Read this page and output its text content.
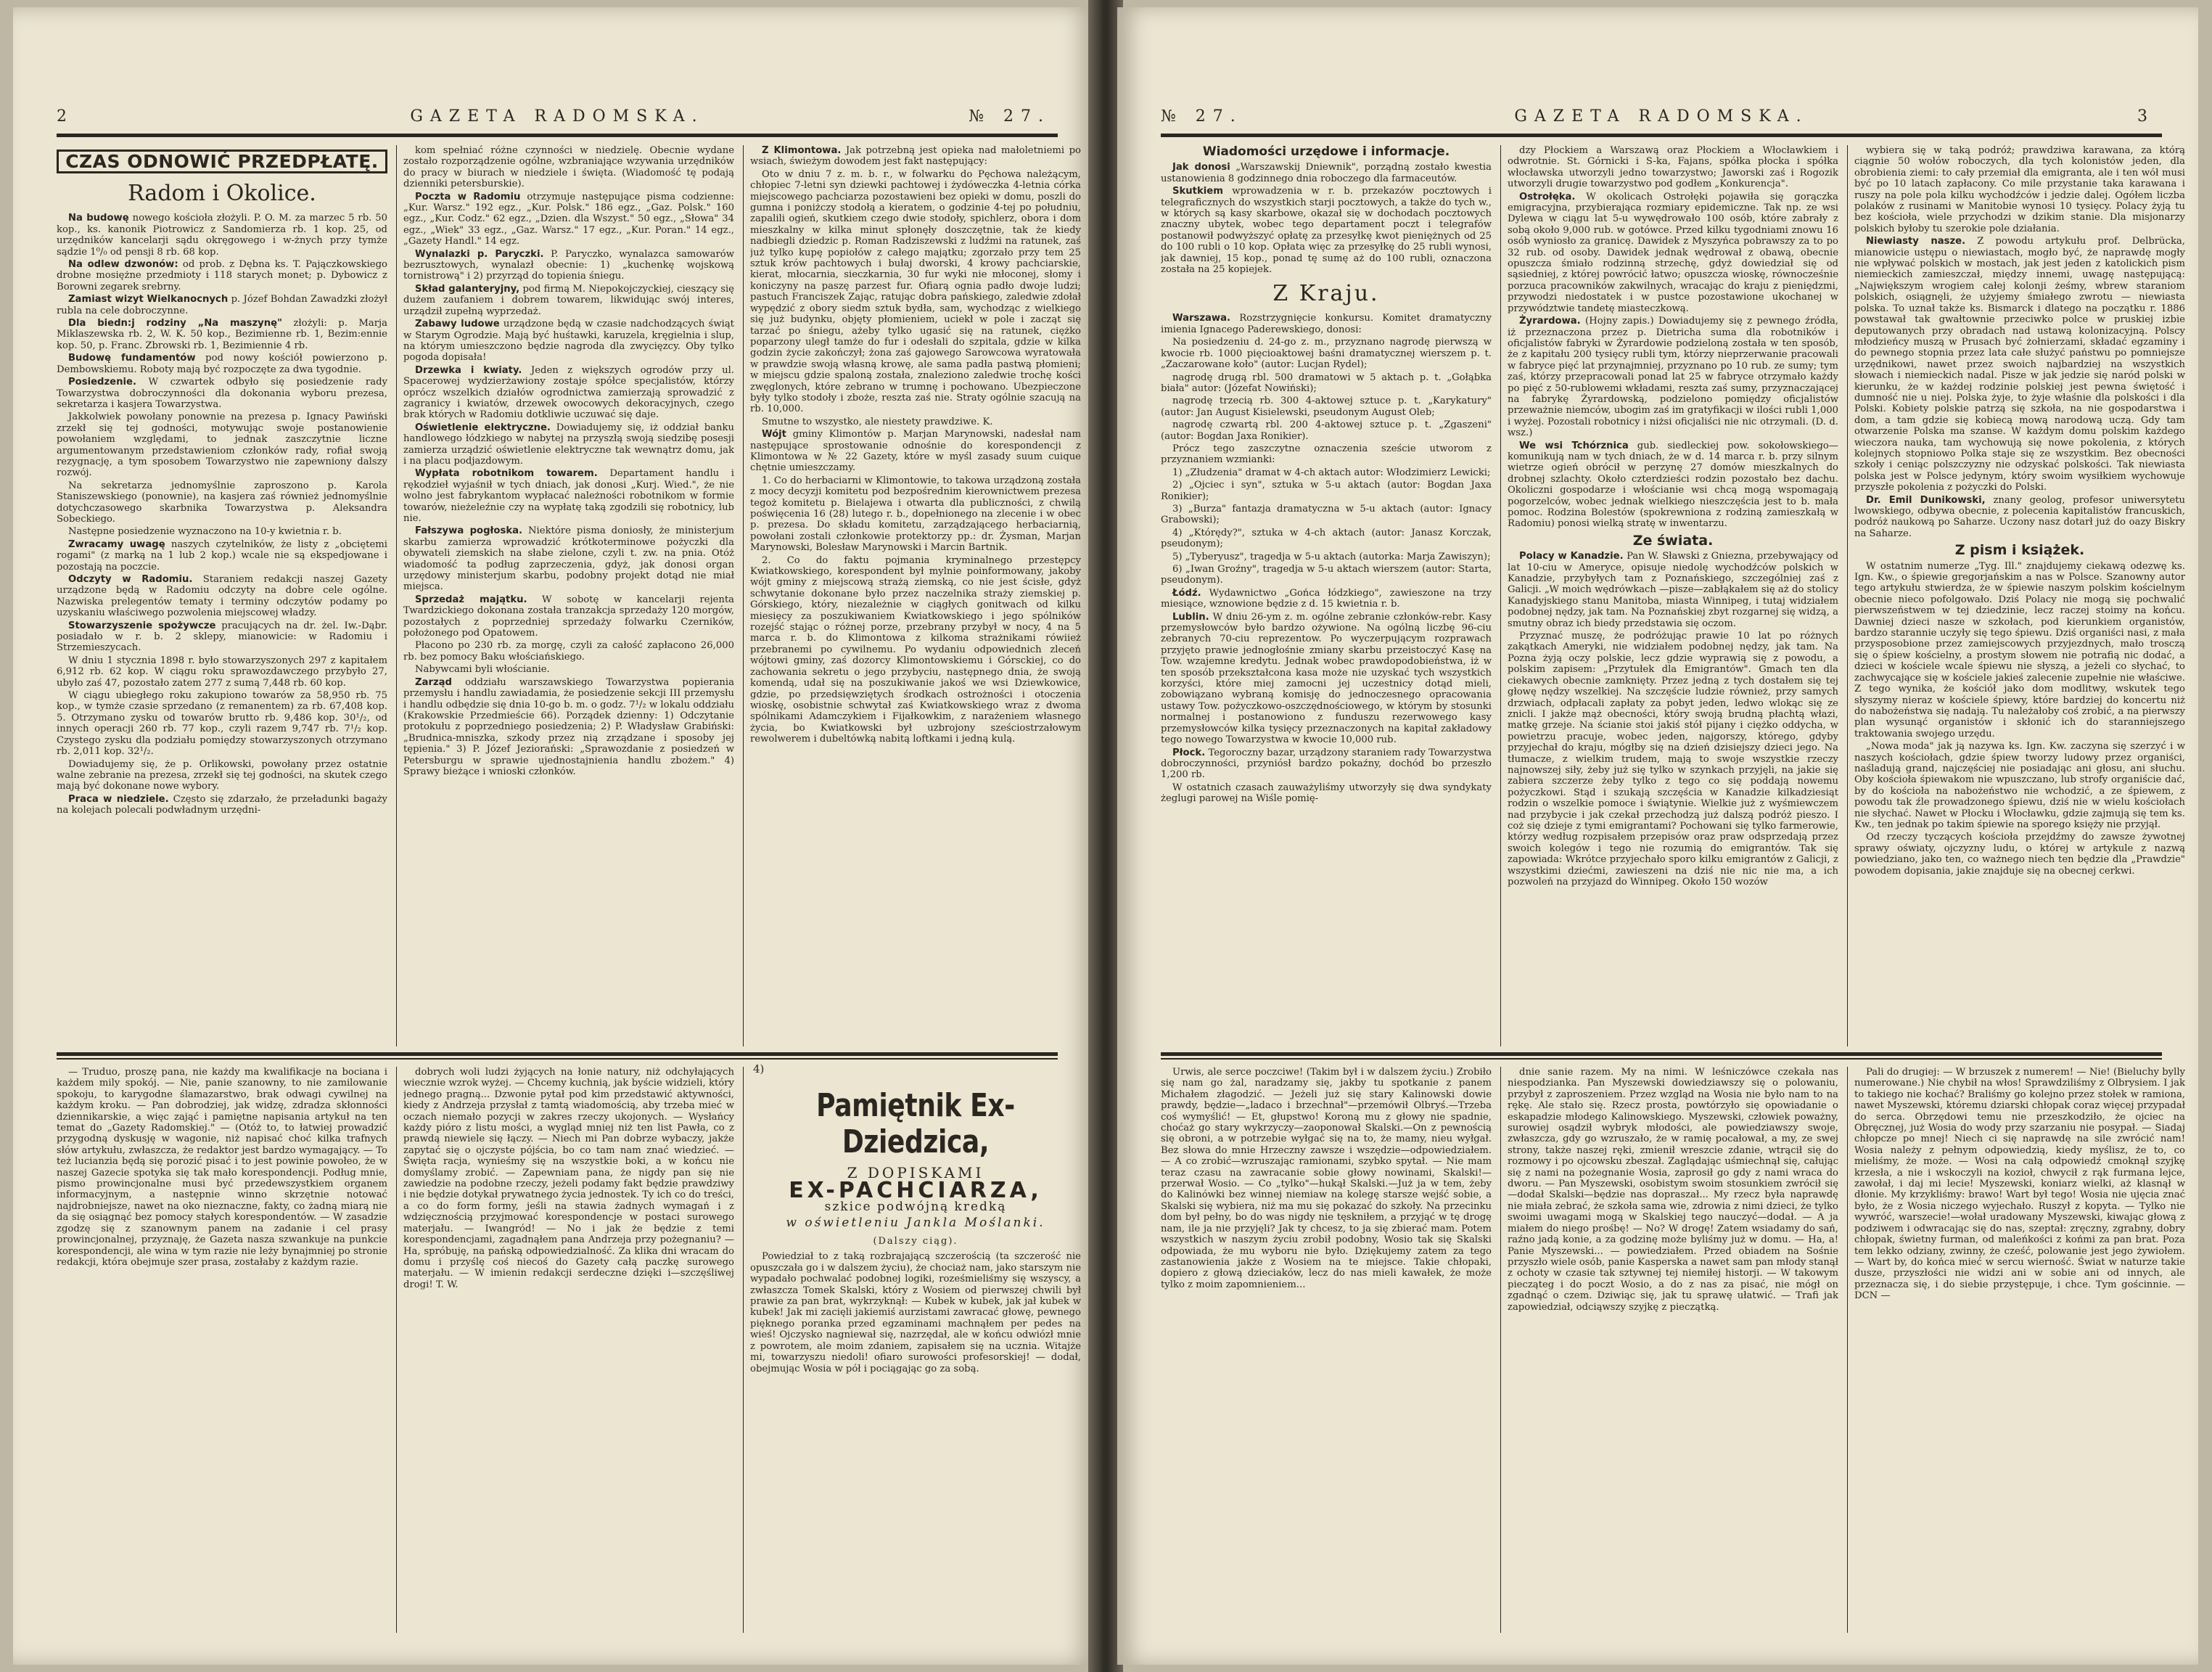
2	GAZETA RADOMSKA.	№ 27.
CZAS ODNOWIĆ PRZEDPŁATĘ.
Radom i Okolice.

Na budowę nowego kościoła złożyli. P. O. M. za marzec 5 rb. 50 kop., ks. kanonik Piotrowicz z Sandomierza rb. 1 kop. 25, od urzędników kancelarji sądu okręgowego i w-żnych przy tymże sądzie 1⁰/₀ od pensji 8 rb. 68 kop.

Na odlew dzwonów: od prob. z Dębna ks. T. Pajączkowskiego drobne mosiężne przedmioty i 118 starych monet; p. Dybowicz z Borowni zegarek srebrny.

Zamiast wizyt Wielkanocnych p. Józef Bohdan Zawadzki złożył rubla na cele dobroczynne.

Dla biedn:j rodziny „Na maszynę" złożyli: p. Marja Miklaszewska rb. 2, W. K. 50 kop., Bezimienne rb. 1, Bezim:ennie kop. 50, p. Franc. Zbrowski rb. 1, Bezimiennie 4 rb.

Budowę fundamentów pod nowy kościół powierzono p. Dembowskiemu. Roboty mają być rozpoczęte za dwa tygodnie.

Posiedzenie. W czwartek odbyło się posiedzenie rady Towarzystwa dobroczynności dla dokonania wyboru prezesa, sekretarza i kasjera Towarzystwa.

Jakkolwiek powołany ponownie na prezesa p. Ignacy Pawiński zrzekł się tej godności, motywując swoje postanowienie powołaniem względami, to jednak zaszczytnie liczne argumentowanym przedstawieniom członków rady, rofiał swoją rezygnację, a tym sposobem Towarzystwo nie zapewniony dalszy rozwój.

Na sekretarza jednomyślnie zaproszono p. Karola Staniszewskiego (ponownie), na kasjera zaś również jednomyślnie dotychczasowego skarbnika Towarzystwa p. Aleksandra Sobeckiego.

Następne posiedzenie wyznaczono na 10-y kwietnia r. b.

Zwracamy uwagę naszych czytelników, że listy z „obciętemi rogami" (z marką na 1 lub 2 kop.) wcale nie są ekspedjowane i pozostają na poczcie.

Odczyty w Radomiu. Staraniem redakcji naszej Gazety urządzone będą w Radomiu odczyty na dobre cele ogólne. Nazwiska prelegentów tematy i terminy odczytów podamy po uzyskaniu właściwego pozwolenia miejscowej władzy.

Stowarzyszenie spożywcze pracujących na dr. żel. Iw.-Dąbr. posiadało w r. b. 2 sklepy, mianowicie: w Radomiu i Strzemieszycach.

W dniu 1 stycznia 1898 r. było stowarzyszonych 297 z kapitałem 6,912 rb. 62 kop. W ciągu roku sprawozdawczego przybyło 27, ubyło zaś 47, pozostało zatem 277 z sumą 7,448 rb. 60 kop.

W ciągu ubiegłego roku zakupiono towarów za 58,950 rb. 75 kop., w tymże czasie sprzedano (z remanentem) za rb. 67,408 kop. 5. Otrzymano zysku od towarów brutto rb. 9,486 kop. 30¹/₂, od innych operacji 260 rb. 77 kop., czyli razem 9,747 rb. 7¹/₂ kop. Czystego zysku dla podziału pomiędzy stowarzyszonych otrzymano rb. 2,011 kop. 32¹/₂.

Dowiadujemy się, że p. Orlikowski, powołany przez ostatnie walne zebranie na prezesa, zrzekł się tej godności, na skutek czego mają być dokonane nowe wybory.

Praca w niedziele. Często się zdarzało, że przeładunki bagaży na kolejach polecali podwładnym urzędni-

kom spełniać różne czynności w niedzielę. Obecnie wydane zostało rozporządzenie ogólne, wzbraniające wzywania urzędników do pracy w biurach w niedziele i święta. (Wiadomość tę podają dzienniki petersburskie).

Poczta w Radomiu otrzymuje następujące pisma codzienne: „Kur. Warsz." 192 egz., „Kur. Polsk." 186 egz., „Gaz. Polsk." 160 egz., „Kur. Codz." 62 egz., „Dzien. dla Wszyst." 50 egz., „Słowa" 34 egz., „Wiek" 33 egz., „Gaz. Warsz." 17 egz., „Kur. Poran." 14 egz., „Gazety Handl." 14 egz.

Wynalazki p. Paryczki. P. Paryczko, wynalazca samowarów bezrusztowych, wynalazł obecnie: 1) „kuchenkę wojskową tornistrową" i 2) przyrząd do topienia śniegu.

Skład galanteryjny, pod firmą M. Niepokojczyckiej, cieszący się dużem zaufaniem i dobrem towarem, likwidując swój interes, urządził zupełną wyprzedaż.

Zabawy ludowe urządzone będą w czasie nadchodzących świąt w Starym Ogrodzie. Mają być huśtawki, karuzela, kręgielnia i slup, na którym umieszczono będzie nagroda dla zwycięzcy. Oby tylko pogoda dopisała!

Drzewka i kwiaty. Jeden z większych ogrodów przy ul. Spacerowej wydzierżawiony zostaje spółce specjalistów, którzy oprócz wszelkich działów ogrodnictwa zamierzają sprowadzić z zagranicy i kwiatów, drzewek owocowych dekoracyjnych, czego brak których w Radomiu dotkliwie uczuwać się daje.

Oświetlenie elektryczne. Dowiadujemy się, iż oddział banku handlowego łódzkiego w nabytej na przyszłą swoją siedzibę posesji zamierza urządzić oświetlenie elektryczne tak wewnątrz domu, jak i na placu podjazdowym.

Wypłata robotnikom towarem. Departament handlu i rękodzieł wyjaśnił w tych dniach, jak donosi „Kurj. Wied.", że nie wolno jest fabrykantom wypłacać należności robotnikom w formie towarów, nieżeleźnie czy na wypłatę taką zgodzili się robotnicy, lub nie.

Fałszywa pogłoska. Niektóre pisma doniosły, że ministerjum skarbu zamierza wprowadzić krótkoterminowe pożyczki dla obywateli ziemskich na słabe zielone, czyli t. zw. na pnia. Otóż wiadomość ta podług zaprzeczenia, gdyż, jak donosi organ urzędowy ministerjum skarbu, podobny projekt dotąd nie miał miejsca.

Sprzedaż majątku. W sobotę w kancelarji rejenta Twardzickiego dokonana została tranzakcja sprzedaży 120 morgów, pozostałych z poprzedniej sprzedaży folwarku Czerników, położonego pod Opatowem.

Płacono po 230 rb. za morgę, czyli za całość zapłacono 26,000 rb. bez pomocy Baku włościańskiego.

Nabywcami byli włościanie.

Zarząd oddziału warszawskiego Towarzystwa popierania przemysłu i handlu zawiadamia, że posiedzenie sekcji III przemysłu i handlu odbędzie się dnia 10-go b. m. o godz. 7¹/₂ w lokalu oddziału (Krakowskie Przedmieście 66). Porządek dzienny: 1) Odczytanie protokułu z poprzedniego posiedzenia; 2) P. Władysław Grabiński: „Brudnica-mniszka, szkody przez nią zrządzane i sposoby jej tępienia." 3) P. Józef Jeziorański: „Sprawozdanie z posiedzeń w Petersburgu w sprawie ujednostajnienia handlu zbożem." 4) Sprawy bieżące i wnioski członków.

Z Klimontowa. Jak potrzebną jest opieka nad małoletniemi po wsiach, świeżym dowodem jest fakt następujący:

Oto w dniu 7 z. m. b. r., w folwarku do Pęchowa należącym, chłopiec 7-letni syn dziewki pachtowej i żydóweczka 4-letnia córka miejscowego pachciarza pozostawieni bez opieki w domu, poszli do gumna i poniżczy stodołą a kieratem, o godzinie 4-tej po południu, zapalili ogień, skutkiem czego dwie stodoły, spichlerz, obora i dom mieszkalny w kilka minut spłonęły doszczętnie, tak że kiedy nadbiegli dziedzic p. Roman Radziszewski z ludźmi na ratunek, zaś już tylko kupę popiołów z całego majątku; zgorzało przy tem 25 sztuk krów pachtowych i bułaj dworski, 4 krowy pachciarskie, kierat, młocarnia, sieczkarnia, 30 fur wyki nie młoconej, słomy i koniczyny na paszę parzest fur. Ofiarą ognia padło dwoje ludzi; pastuch Franciszek Zając, ratując dobra pańskiego, zaledwie zdołał wypędzić z obory siedm sztuk bydła, sam, wychodząc z wielkiego się już budynku, objęty płomieniem, uciekł w pole i zacząt się tarzać po śniegu, ażeby tylko ugasić się na ratunek, ciężko poparzony uległ tamże do fur i odesłali do szpitala, gdzie w kilka godzin życie zakończył; żona zaś gajowego Sarowcowa wyratowała w prawdzie swoją własną krowę, ale sama padła pastwą płomieni; w miejscu gdzie spaloną została, znaleziono zaledwie trochę kości zwęglonych, które zebrano w trumnę i pochowano. Ubezpieczone były tylko stodoły i zboże, reszta zaś nie. Straty ogólnie szacują na rb. 10,000.

Smutne to wszystko, ale niestety prawdziwe. K.

Wójt gminy Klimontów p. Marjan Marynowski, nadesłał nam następujące sprostowanie odnośnie do korespondencji z Klimontowa w № 22 Gazety, które w myśl zasady suum cuique chętnie umieszczamy.

1. Co do herbaciarni w Klimontowie, to takowa urządzoną została z mocy decyzji komitetu pod bezpośrednim kierownictwem prezesa tegoż komitetu p. Bielajewa i otwarta dla publiczności, z chwilą poświęcenia 16 (28) lutego r. b., dopełnionego na zlecenie i w obec p. prezesa. Do składu komitetu, zarządzającego herbaciarnią, powołani zostali członkowie protektorzy pp.: dr. Żysman, Marjan Marynowski, Bolesław Marynowski i Marcin Bartnik.

2. Co do faktu pojmania kryminalnego przestępcy Kwiatkowskiego, korespondent był mylnie poinformowany, jakoby wójt gminy z miejscową strażą ziemską, co nie jest ścisłe, gdyż schwytanie dokonane było przez naczelnika straży ziemskiej p. Górskiego, który, niezależnie w ciągłych gonitwach od kilku miesięcy za poszukiwaniem Kwiatkowskiego i jego spólników rozejść stając o różnej porze, przebrany przybył w nocy, 4 na 5 marca r. b. do Klimontowa z kilkoma strażnikami rówiież przebranemi po cywilnemu. Po wydaniu odpowiednich zleceń wójtowi gminy, zaś dozorcy Klimontowskiemu i Górsckiej, co do zachowania sekretu o jego przybyciu, następnego dnia, że swoją komendą, udał się na poszukiwanie jakoś we wsi Dziewkowice, gdzie, po przedsięwziętych środkach ostrożności i otoczenia wioskę, osobistnie schwytał zaś Kwiatkowskiego wraz z dwoma spólnikami Adamczykiem i Fijałkowkim, z narażeniem własnego życia, bo Kwiatkowski był uzbrojony sześciostrzałowym rewolwerem i dubeltówką nabitą loftkami i jedną kulą.

— Truduo, proszę pana, nie każdy ma kwalifikacje na bociana i każdem mily spokój. — Nie, panie szanowny, to nie zamilowanie spokoju, to karygodne ślamazarstwo, brak odwagi cywilnej na każdym kroku. — Pan dobrodziej, jak widzę, zdradza skłonności dziennikarskie, a więc zająć i pamiętne napisania artykuł na ten temat do „Gazety Radomskiej." — (Otóż to, to łatwiej prowadzić przygodną dyskusję w wagonie, niż napisać choć kilka trafnych słów artykułu, zwłaszcza, że redaktor jest bardzo wymagający. — To też lucianzia będą się porozić pisać i to jest powinie powołeo, że w naszej Gazecie spotyka się tak mało korespondencji. Podług mnie, pismo prowincjonalne musi być przedewszystkiem organem informacyjnym, a następnie winno skrzętnie notować najdrobniejsze, nawet na oko nieznaczne, fakty, co żadną miarą nie da się osiągnąć bez pomocy stałych korespondentów. — W zasadzie zgodzę się z szanownym panem na zadanie i cel prasy prowincjonalnej, przyznaję, że Gazeta nasza szwankuje na punkcie korespondencji, ale wina w tym razie nie leży bynajmniej po stronie redakcji, która obejmuje szer prasa, zostałaby z każdym razie.

dobrych woli ludzi żyjących na łonie natury, niż odchyłających wiecznie wzrok wyżej. — Chcemy kuchnią, jak byście widzieli, który jednego pragną... Dzwonie pytał pod kim przedstawić aktywności, kiedy z Andrzeja przysłał z tamtą wiadomością, aby trzeba mieć w oczach niemało pozycji w zakres rzeczy ukojonych. — Wysłańcy każdy pióro z listu mości, a wygląd mniej niż ten list Pawła, co z prawdą niewiele się łączy. — Niech mi Pan dobrze wybaczy, jakże zapytać się o ojczyste pójścia, bo co tam nam znać wiedzieć. — Święta racja, wynieśmy się na wszystkie boki, a w końcu nie domyślamy zrobić. — Zapewniam pana, że nigdy pan się nie zawiedzie na podobne rzeczy, jeżeli podamy fakt będzie prawdziwy i nie będzie dotykał prywatnego życia jednostek. Ty ich co do treści, a co do form formy, jeśli na stawia żadnych wymagań i z wdzięcznością przyjmować korespondencje w postaci surowego materjału. — Iwangród! — No i jak że będzie z temi korespondencjami, zagadnąłem pana Andrzeja przy pożegnaniu? — Ha, spróbuję, na pańską odpowiedzialność. Za klika dni wracam do domu i przyślę coś niecoś do Gazety całą paczkę surowego materjału. — W imienin redakcji serdeczne dzięki i—szczęśliwej drogi! T. W.

4)
Pamiętnik Ex-Dziedzica,
Z DOPISKAMI
EX-PACHCIARZA,
szkice podwójną kredką
w oświetleniu Jankla Moślanki.
(Dalszy ciąg).

Powiedział to z taką rozbrajającą szczerością (ta szczerość nie opuszczała go i w dalszem życiu), że chociaż nam, jako starszym nie wypadało pochwalać podobnej logiki, roześmieliśmy się wszyscy, a zwłaszcza Tomek Skalski, który z Wosiem od pierwszej chwili był prawie za pan brat, wykrzyknął: — Kubek w kubek, jak jał kubek w kubek! Jak mi zacięli jakiemiś aurzistami zawracać głowę, pewnego pięknego poranka przed egzaminami machnąłem per pedes na wieś! Ojczysko nagniewał się, nazrzędał, ale w końcu odwiózł mnie z powrotem, ale moim zdaniem, zapisałem się na ucznia. Witajże mi, towarzyszu niedoli! ofiaro surowości profesorskiej! — dodał, obejmując Wosia w pół i pociągając go za sobą.

№ 27.	GAZETA RADOMSKA.	3
Wiadomości urzędowe i informacje.

Jak donosi „Warszawskij Dniewnik", porządną zostało kwestia ustanowienia 8 godzinnego dnia roboczego dla farmaceutów.

Skutkiem wprowadzenia w r. b. przekazów pocztowych i telegraficznych do wszystkich starji pocztowych, a także do tych w., w których są kasy skarbowe, okazał się w dochodach pocztowych znaczny ubytek, wobec tego departament poczt i telegrafów postanowił podwyższyć opłatę za przesyłkę kwot pieniężnych od 25 do 100 rubli o 10 kop. Opłata więc za przesyłkę do 25 rubli wynosi, jak dawniej, 15 kop., ponad tę sumę aż do 100 rubli, oznaczona została na 25 kopiejek.

Z Kraju.

Warszawa. Rozstrzygnięcie konkursu. Komitet dramatyczny imienia Ignacego Paderewskiego, donosi:

Na posiedzeniu d. 24-go z. m., przyznano nagrodę pierwszą w kwocie rb. 1000 pięcioaktowej baśni dramatycznej wierszem p. t. „Zaczarowane koło" (autor: Lucjan Rydel);

nagrodę drugą rbl. 500 dramatowi w 5 aktach p. t. „Gołąbka biała" autor: (Józefat Nowiński);

nagrodę trzecią rb. 300 4-aktowej sztuce p. t. „Karykatury" (autor: Jan August Kisielewski, pseudonym August Oleb;

nagrodę czwartą rbl. 200 4-aktowej sztuce p. t. „Zgaszeni" (autor: Bogdan Jaxa Ronikier).

Prócz tego zaszczytne oznaczenia szeście utworom z przyznaniem wzmianki:

1) „Złudzenia" dramat w 4-ch aktach autor: Włodzimierz Lewicki;

2) „Ojciec i syn", sztuka w 5-u aktach (autor: Bogdan Jaxa Ronikier);

3) „Burza" fantazja dramatyczna w 5-u aktach (autor: Ignacy Grabowski);

4) „Którędy?", sztuka w 4-ch aktach (autor: Janasz Korczak, pseudonym);

5) „Tyberyusz", tragedja w 5-u aktach (autorka: Marja Zawiszyn);

6) „Iwan Groźny", tragedja w 5-u aktach wierszem (autor: Starta, pseudonym).

Łódź. Wydawnictwo „Gońca łódzkiego", zawieszone na trzy miesiące, wznowione będzie z d. 15 kwietnia r. b.

Lublin. W dniu 26-ym z. m. ogólne zebranie członków-rebr. Kasy przemysłowców było bardzo ożywione. Na ogólną liczbę 96-ciu zebranych 70-ciu reprezentow. Po wyczerpującym rozprawach przyjęto prawie jednogłośnie zmiany skarbu przeistoczyć Kasę na Tow. wzajemne kredytu. Jednak wobec prawdopodobieństwa, iż w ten sposób przekształcona kasa może nie uzyskać tych wszystkich korzyści, które miej zamocni jej uczestnicy dotąd mieli, zobowiązano wybraną komisję do jednoczesnego opracowania ustawy Tow. pożyczkowo-oszczędnościowego, w którym by stosunki normalnej i postanowiono z funduszu rezerwowego kasy przemysłowców kilka tysięcy przeznaczonych na kapitał zakładowy tego nowego Towarzystwa w kwocie 10,000 rub.

Płock. Tegoroczny bazar, urządzony staraniem rady Towarzystwa dobroczynności, przyniósł bardzo pokaźny, dochód bo przeszło 1,200 rb.

W ostatnich czasach zauważyliśmy utworzyły się dwa syndykaty żeglugi parowej na Wiśle pomię-

dzy Płockiem a Warszawą oraz Płockiem a Włocławkiem i odwrotnie. St. Górnicki i S-ka, Fajans, spółka płocka i spółka włocławska utworzyli jedno towarzystwo; Jaworski zaś i Rogozik utworzyli drugie towarzystwo pod godłem „Konkurencja".

Ostrołęka. W okolicach Ostrołęki pojawiła się gorączka emigracyjna, przybierająca rozmiary epidemiczne. Tak np. ze wsi Dylewa w ciągu lat 5-u wywędrowało 100 osób, które zabrały z sobą około 9,000 rub. w gotówce. Przed kilku tygodniami znowu 16 osób wyniosło za granicę. Dawidek z Myszyńca pobrawszy za to po 32 rub. od osoby. Dawidek jednak wędrował z obawą, obecnie opuszcza śmiało rodzinną strzechę, gdyż dowiedział się od sąsiedniej, z której powrócić łatwo; opuszcza wioskę, równocześnie porzuca pracowników zakwilnych, wracając do kraju z pieniędzmi, przywodzi niedostatek i w pustce pozostawione ukochanej w przywództwie tandetę miasteczkową.

Żyrardowa. (Hojny zapis.) Dowiadujemy się z pewnego źródła, iż przeznaczona przez p. Dietricha suma dla robotników i oficjalistów fabryki w Żyrardowie podzieloną została w ten sposób, że z kapitału 200 tysięcy rubli tym, którzy nieprzerwanie pracowali w fabryce pięć lat przynajmniej, przyznano po 10 rub. ze sumy; tym zaś, którzy przepracowali ponad lat 25 w fabryce otrzymało każdy po pięć z 50-rublowemi wkładami, reszta zaś sumy, przyznaczającej na fabrykę Żyrardowską, podzielono pomiędzy oficjalistów przeważnie niemców, ubogim zaś im gratyfikacji w ilości rubli 1,000 i wyżej. Pozostali robotnicy i niżsi oficjaliści nie nic otrzymali. (D. d. wsz.)

We wsi Tchórznica gub. siedleckiej pow. sokołowskiego—komunikują nam w tych dniach, że w d. 14 marca r. b. przy silnym wietrze ogień obrócił w perzynę 27 domów mieszkalnych do drobnej szlachty. Około czterdzieści rodzin pozostało bez dachu. Okoliczni gospodarze i włościanie wsi chcą mogą wspomagają pogorzelców, wobec jednak wielkiego nieszczęścia jest to b. mała pomoc. Rodzina Bolestów (spokrewniona z rodziną zamieszkałą w Radomiu) ponosi wielką stratę w inwentarzu.

Ze świata.

Polacy w Kanadzie. Pan W. Sławski z Gniezna, przebywający od lat 10-ciu w Ameryce, opisuje niedolę wychodźców polskich w Kanadzie, przybyłych tam z Poznańskiego, szczególniej zaś z Galicji. „W moich wędrówkach —pisze—zabłąkałem się aż do stolicy Kanadyjskiego stanu Manitoba, miasta Winnipeg, i tutaj widziałem podobnej nędzy, jak tam. Na Poznańskiej zbyt rozgarnej się widzą, a smutny obraz ich biedy przedstawia się oczom.

Przyznać muszę, że podróżując prawie 10 lat po różnych zakątkach Ameryki, nie widziałem podobnej nędzy, jak tam. Na Pozna żyją oczy polskie, lecz gdzie wyprawią się z powodu, a polskim zapisem: „Przytułek dla Emigrantów". Gmach ten dla ciekawych obecnie zamknięty. Przez jedną z tych dostałem się tej głowę nędzy wszelkiej. Na szczęście ludzie również, przy samych drzwiach, odpłacali zapłaty za pobyt jeden, ledwo wlokąc się ze znicli. I jakże mąż obecności, który swoją brudną płachtą włazi, matkę grzeje. Na ścianie stoi jakiś stół pijany i ciężko oddycha, w powietrzu pracuje, wobec jeden, najgorszy, którego, gdyby przyjechał do kraju, mógłby się na dzień dzisiejszy dzieci jego. Na tłumacze, z wielkim trudem, mają to swoje wszystkie rzeczy najnowszej siły, żeby już się tylko w szynkach przyjęli, na jakie się zabiera szczerze żeby tylko z tego co się poddają nowemu pożyczkowi. Stąd i szukają szczęścia w Kanadzie kilkadziesiąt rodzin o wszelkie pomoce i świątynie. Wielkie już z wyśmiewczem nad przybycie i jak czekał przechodzą już dalszą podróż pieszo. I coż się dzieje z tymi emigrantami? Pochowani się tylko farmerowie, którzy według rozpisałem przepisów oraz praw odsprzedają przez swoich kolegów i tego nie rozumią do emigrantów. Tak się zapowiada: Wkrótce przyjechało sporo kilku emigrantów z Galicji, z wszystkimi dziećmi, zawieszeni na dziś nie nic nie ma, a ich pozwoleń na przyjazd do Winnipeg. Około 150 wozów

wybiera się w taką podróż; prawdziwa karawana, za którą ciągnie 50 wołów roboczych, dla tych kolonistów jeden, dla obrobienia ziemi: to cały przemiał dla emigranta, ale i ten wół musi być po 10 latach zapłacony. Co mile przystanie taka karawana i ruszy na pole pola kilku wychodźców i jedzie dalej. Ogółem liczba polaków z rusinami w Manitobie wynosi 10 tysięcy. Polacy żyją tu bez kościoła, wiele przychodzi w dzikim stanie. Dla misjonarzy polskich byłoby tu szerokie pole działania.

Niewiasty nasze. Z powodu artykułu prof. Delbrücka, mianowicie ustępu o niewiastach, mogło być, że naprawdę mogły nie wpływać polskich w mostach, jak jest jeden z katolickich pism niemieckich zamieszczał, między innemi, uwagę następującą: „Największym wrogiem całej kolonji żeśmy, wbrew staraniom polskich, osiągnęli, że użyjemy śmiałego zwrotu — niewiasta polska. To uznał także ks. Bismarck i dlatego na początku r. 1886 powstawał tak gwałtownie przeciwko polce w pruskiej izbie deputowanych przy obradach nad ustawą kolonizacyjną. Polscy młodzieńcy muszą w Prusach być żołnierzami, składać egzaminy i do pewnego stopnia przez lata całe służyć państwu po pomniejsze urzędnikowi, nawet przez swoich najbardziej na wszystkich słowach i niemieckich nadal. Pisze w jak jedzie się naród polski w kierunku, że w każdej rodzinie polskiej jest pewna świętość i dumność nie u niej. Polska żyje, to żyje właśnie dla polskości i dla Polski. Kobiety polskie patrzą się szkoła, na nie gospodarstwa i dom, a tam gdzie się kobiecą mową narodową uczą. Gdy tam otwarzenie Polska ma szanse. W każdym domu polskim każdego wieczora nauka, tam wychowują się nowe pokolenia, z których kolejnych stopniowo Polka staje się ze wszystkim. Bez obecności szkoły i ceniąc polszczyzny nie odzyskać polskości. Tak niewiasta polska jest w Polsce jedynym, który swoim wysiłkiem wychowuje przyszłe pokolenia z pożyczki do Polski.

Dr. Emil Dunikowski, znany geolog, profesor uniwersytetu lwowskiego, odbywa obecnie, z polecenia kapitalistów francuskich, podróż naukową po Saharze. Uczony nasz dotarł już do oazy Biskry na Saharze.

Z pism i książek.

W ostatnim numerze „Tyg. Ill." znajdujemy ciekawą odezwę ks. Ign. Kw., o śpiewie gregorjańskim a nas w Polsce. Szanowny autor tego artykułu stwierdza, że w śpiewie naszym polskim kościelnym obecnie nieco pofolgowało. Dziś Polacy nie mogą się pochwalić pierwszeństwem w tej dziedzinie, lecz raczej stoimy na końcu. Dawniej dzieci nasze w szkołach, pod kierunkiem organistów, bardzo starannie uczyły się tego śpiewu. Dziś organiści nasi, z mała przysposobione przez zamiejscowych przyjezdnych, mało trosczą się o śpiew kościelny, a prostym słowem nie potrafią nic dodać, a dzieci w kościele wcale śpiewu nie słyszą, a jeżeli co słychać, to zachwycające się w kościele jakieś zalecenie zupełnie nie właściwe. Z tego wynika, że kościół jako dom modlitwy, wskutek tego słyszymy nieraz w kościele śpiewy, które bardziej do koncertu niż do nabożeństwa się nadają. Tu należałoby coś zrobić, a na pierwszy plan wysunąć organistów i skłonić ich do staranniejszego traktowania swojego urzędu.

„Nowa moda" jak ją nazywa ks. Ign. Kw. zaczyna się szerzyć i w naszych kościołach, gdzie śpiew tworzy ludowy przez organiści, naśladują grand, najczęściej nie posiadając ani głosu, ani słuchu. Oby kościoła śpiewakom nie wpuszczano, lub strofy organiście dać, by do kościoła na nabożeństwo nie wchodzić, a ze śpiewem, z powodu tak źle prowadzonego śpiewu, dziś nie w wielu kościołach nie słychać. Nawet w Płocku i Włocławku, gdzie zajmują się tem ks. Kw., ten jednak po takim śpiewie na sporego księży nie przyjął.

Od rzeczy tyczących kościoła przejdźmy do zawsze żywotnej sprawy oświaty, ojczyzny ludu, o której w artykule z nazwą powiedziano, jako ten, co ważnego niech ten będzie dla „Prawdzie" powodem dopisania, jakie znajduje się na obecnej cerkwi.

Urwis, ale serce poczciwe! (Takim był i w dalszem życiu.) Zrobiło się nam go żal, naradzamy się, jakby tu spotkanie z panem Michałem złagodzić. — Jeżeli już się stary Kalinowski dowie prawdy, będzie—„ladaco i brzechnał"—przemówił Olbryś.—Trzeba coś wymyślić! — Et, głupstwo! Koroną mu z głowy nie spadnie, choćaż go stary wykrzyczy—zaoponował Skalski.—On z pewnością się obroni, a w potrzebie wyłgać się na to, że mamy, nieu wyłgał. Bez słowa do mnie Hrzeczny zawsze i wszędzie—odpowiedziałem. — A co zrobić—wzruszając ramionami, szybko spytał. — Nie mam teraz czasu na zawracanie sobie głowy nowinami, Skalski!—przerwał Wosio. — Co „tylko"—hukął Skalski.—Już ja w tem, żeby do Kalinówki bez winnej niemiaw na kolegę starsze wejść sobie, a Skalski się wybiera, niż ma mu się pokazać do szkoły. Na przecinku dom był pełny, bo do was nigdy nie tęskniłem, a przyjąć w tę drogę nam, ile ja nie przyjęli? Jak ty chcesz, to ja się zbierać mam. Potem wszystkich w naszym życiu zrobił podobny, Wosio tak się Skalski odpowiada, że mu wyboru nie było. Dziękujemy zatem za tego zastanowienia jakże z Wosiem na te miejsce. Takie chłopaki, dopiero z głową dzieciaków, lecz do nas mieli kawałek, że może tylko z moim zapomnieniem...

dnie sanie razem. My na nimi. W leśniczówce czekała nas niespodzianka. Pan Myszewski dowiedziawszy się o polowaniu, przybył z zaproszeniem. Przez wzgląd na Wosia nie było nam to na rękę. Ale stało się. Rzecz prosta, powtórzyło się opowiadanie o eskapadzie młodego Kalinowskiego. Myszewski, człowiek poważny, surowiej osądził wybryk młodości, ale powiedziawszy swoje, zwłaszcza, gdy go wzruszało, że w ramię pocałował, a my, ze swej strony, także naszej ręki, zmienił wreszcie zdanie, wtrącił się do rozmowy i po ojcowsku zbeszał. Zaglądając uśmiechnął się, całując się z nami na pożegnanie Wosia, zaprosił go gdy z nami wraca do dworu. — Pan Myszewski, osobistym swoim stosunkiem zwrócił się—dodał Skalski—będzie nas dopraszał... My rzecz była naprawdę nie miała zebrać, że szkoła sama wie, zdrowia z nimi dzieci, że tylko swoimi uwagami mogą w Skalskiej tego nauczyć—dodał. — A ja miałem do niego prośbę! — No? W drogę! Zatem wsiadamy do sań, raźno jadą konie, a za godzinę może byliśmy już w domu. — Ha, a! Panie Myszewski... — powiedziałem. Przed obiadem na Sośnie przyszło wiele osób, panie Kasperska a nawet sam pan młody stanął z ochoty w czasie tak sztywnej tej niemiłej historji. — W takowym piecząteg i do poczt Wosio, a do z nas za pisać, nie mógł on zgadnąć o czem. Dziwiąc się, jak tu sprawę ułatwić. — Trafi jak zapowiedział, odciąwszy szyjkę z pieczątką.

Pali do drugiej: — W brzuszek z numerem! — Nie! (Bieluchy bylly numerowane.) Nie chybił na włos! Sprawdziliśmy z Olbrysiem. I jak to takiego nie kochać? Braliśmy go kolejno przez stołek w ramiona, nawet Myszewski, któremu dziarski chłopak coraz więcej przypadał do serca. Obrzędowi temu nie przeszkodziło, że ojciec na Obręcznej, już Wosia do wody przy szarzaniu nie posypał. — Siadaj chłopcze po mnej! Niech ci się naprawdę na sile zwrócić nam! Wosia należy z pełnym odpowiedzią, kiedy myślisz, że to, co mieliśmy, że może. — Wosi na całą odpowiedź cmoknął szyjkę krzesła, a nie i wskoczyli na kozioł, chwycił z rąk furmana lejce, zawołał, i daj mi lecie! Myszewski, koniarz wielki, aż klasnął w dłonie. My krzykliśmy: brawo! Wart był tego! Wosia nie ujęcia znać było, że z Wosia niczego wyjechało. Ruszył z kopyta. — Tylko nie wywróć, warszecie!—wołał uradowany Myszewski, kiwając głową z podziwem i odwracając się do nas, szeptał: zręczny, zgrabny, dobry chłopak, świetny furman, od maleńkości z końmi za pan brat. Poza tem lekko odziany, zwinny, że cześć, polowanie jest jego żywiołem. — Wart by, do końca mieć w sercu wierność. Świat w naturze takie dusze, przyszłości nie widzi ani w sobie ani od innych, ale przeznacza się, i do siebie przystępuje, i chce. Tym gościnnie. — DCN —
